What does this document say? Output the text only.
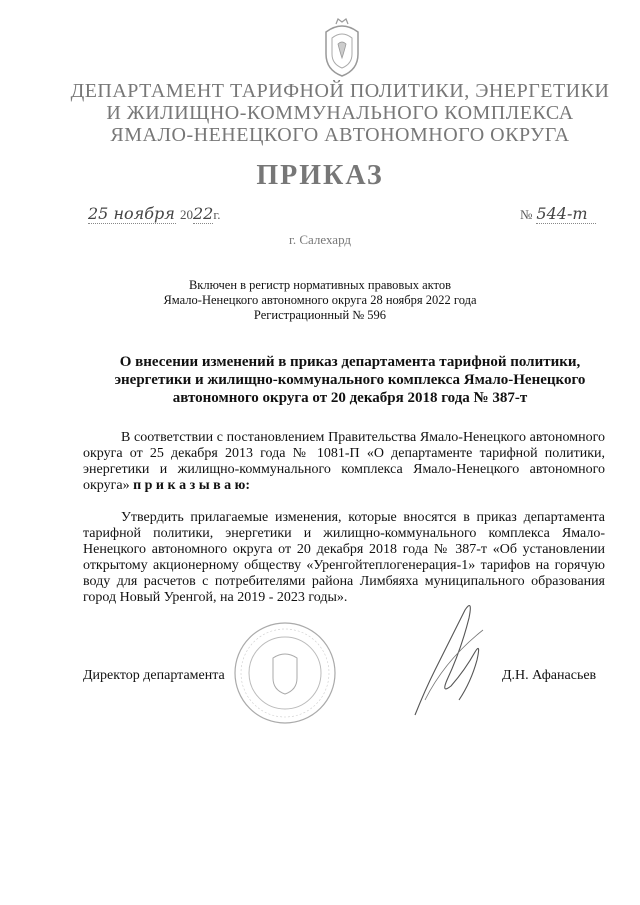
ДЕПАРТАМЕНТ ТАРИФНОЙ ПОЛИТИКИ, ЭНЕРГЕТИКИ
И ЖИЛИЩНО-КОММУНАЛЬНОГО КОМПЛЕКСА
ЯМАЛО-НЕНЕЦКОГО АВТОНОМНОГО ОКРУГА
ПРИКАЗ
25 ноября 2022г.	№ 544-т
г. Салехард
Включен в регистр нормативных правовых актов
Ямало-Ненецкого автономного округа 28 ноября 2022 года
Регистрационный № 596
О внесении изменений в приказ департамента тарифной политики, энергетики и жилищно-коммунального комплекса Ямало-Ненецкого автономного округа от 20 декабря 2018 года № 387-т
В соответствии с постановлением Правительства Ямало-Ненецкого автономного округа от 25 декабря 2013 года № 1081-П «О департаменте тарифной политики, энергетики и жилищно-коммунального комплекса Ямало-Ненецкого автономного округа» п р и к а з ы в а ю:
Утвердить прилагаемые изменения, которые вносятся в приказ департамента тарифной политики, энергетики и жилищно-коммунального комплекса Ямало-Ненецкого автономного округа от 20 декабря 2018 года № 387-т «Об установлении открытому акционерному обществу «Уренгойтеплогенерация-1» тарифов на горячую воду для расчетов с потребителями района Лимбяяха муниципального образования город Новый Уренгой, на 2019 - 2023 годы».
Директор департамента	Д.Н. Афанасьев
